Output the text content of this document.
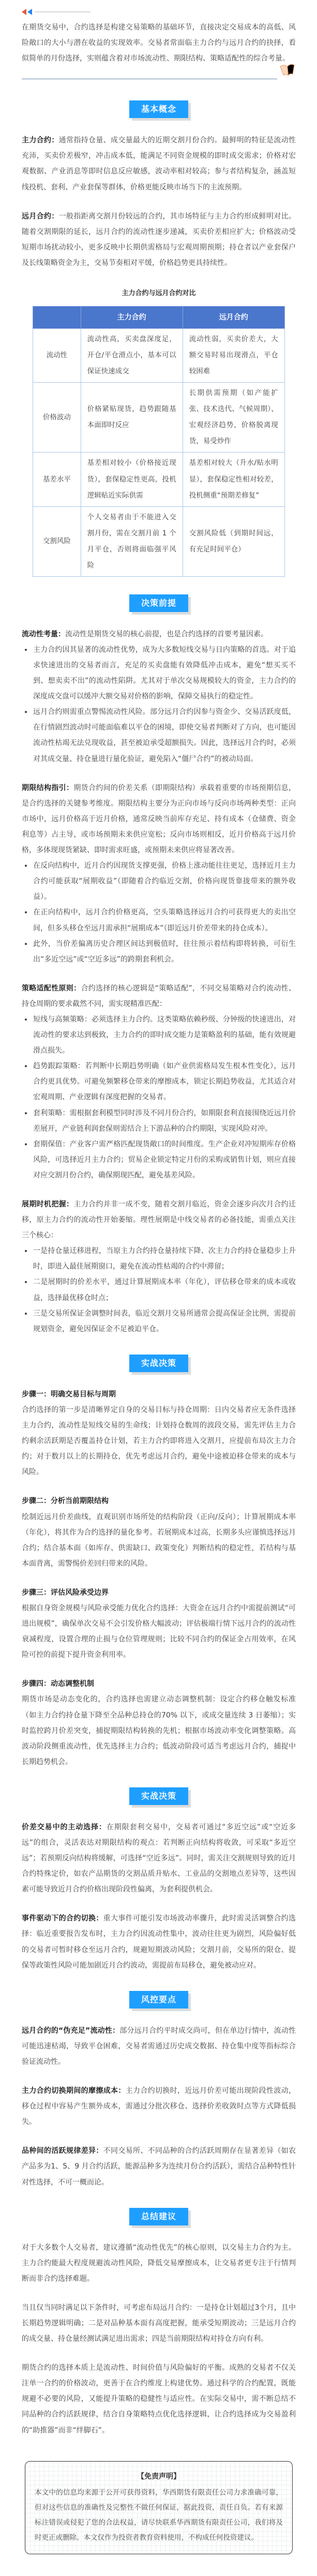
在期货交易中，合约选择是构建交易策略的基础环节，直接决定交易成本的高低、风险敞口的大小与潜在收益的实现效率。交易者常面临主力合约与远月合约的抉择，看似简单的月份选择，实则蕴含着对市场流动性、期限结构、策略适配性的综合考量。

基本概念

主力合约：通常指持仓量、成交量最大的近期交割月份合约。最鲜明的特征是流动性充沛，买卖价差极窄，冲击成本低，能满足不同资金规模的即时成交需求；价格对宏观数据、产业消息等即时信息反应敏感，波动率相对较高；参与者结构复杂，涵盖短线投机、套利、产业套保等群体，价格更能反映市场当下的主流预期。

远月合约：一般指距离交割月份较远的合约，其市场特征与主力合约形成鲜明对比。随着交割期限的延长，远月合约的流动性逐步递减，买卖价差相应扩大；价格波动受短期市场扰动较小，更多反映中长期供需格局与宏观周期预期；持仓者以产业套保户及长线策略资金为主，交易节奏相对平缓，价格趋势更具持续性。

主力合约与远月合约对比
	主力合约	远月合约
流动性	流动性高，买卖盘深度足，开仓/平仓滑点小，基本可以保证快速成交	流动性弱，买卖价差大，大额交易时易出现滑点，平仓较困难
价格波动	价格紧贴现货，趋势跟随基本面即时反应	长期供需预期（如产能扩张、技术迭代、气候周期）、宏观经济趋势，价格脱离现货，易受炒作
基差水平	基差相对较小（价格接近现货），套保稳定性更高，投机逻辑贴近实际供需	基差相对较大（升水/贴水明显），套保稳定性相对较差，投机侧重“预期差修复”
交割风险	个人交易者由于不能进入交割月份，需在交割月前 1 个月平仓，否则将面临强平风险	交割风险低（到期时间远，有充足时间平仓）
决策前提

流动性考量：流动性是期货交易的核心前提，也是合约选择的首要考量因素。

• 主力合约因其显著的流动性优势，成为大多数短线交易与日内策略的首选。对于追求快速进出的交易者而言，充足的买卖盘能有效降低冲击成本，避免“想买买不到、想卖卖不出”的流动性陷阱。尤其对于单次交易规模较大的资金，主力合约的深度成交盘可以缓冲大额交易对价格的影响，保障交易执行的稳定性。
• 远月合约则需重点警惕流动性风险。部分远月合约因参与资金少、交易活跃度低，在行情剧烈波动时可能面临难以平仓的困境，即使交易者判断对了方向，也可能因流动性枯竭无法兑现收益，甚至被迫承受超额损失。因此，选择远月合约时，必须对其成交量、持仓量进行量化验证，避免陷入“僵尸合约”的被动局面。

期限结构指引：期货合约间的价差关系（即期限结构）承载着重要的市场预期信息，是合约选择的关键参考维度。期限结构主要分为正向市场与反向市场两种类型：正向市场中，远月价格高于近月价格，通常反映当前库存充足、持有成本（仓储费、资金利息等）占主导，或市场预期未来供应宽松；反向市场则相反，近月价格高于远月价格，多体现现货紧缺、即时需求旺盛，或预期未来供应将显著改善。

• 在反向结构中，近月合约因现货支撑更强，价格上涨动能往往更足，选择近月主力合约可能获取“展期收益”（即随着合约临近交割，价格向现货靠拢带来的额外收益）。
• 在正向结构中，远月合约价格更高，空头策略选择远月合约可获得更大的卖出空间，但多头移仓至远月需承担“展期成本”（即近远月价差带来的持仓成本）。
• 此外，当价差偏离历史合理区间达到极值时，往往预示着结构即将转换，可衍生出“多近空远”或“空近多远”的跨期套利机会。

策略适配性原则：合约选择的核心逻辑是“策略适配”，不同交易策略对合约流动性、持仓周期的要求截然不同，需实现精准匹配：

• 短线与高频策略：必须选择主力合约。这类策略依赖秒级、分钟级的快速进出，对流动性的要求达到极致，主力合约的即时成交能力是策略盈利的基础，能有效规避滑点损失。
• 趋势跟踪策略：若判断中长期趋势明确（如产业供需格局发生根本性变化），远月合约更具优势。可避免频繁移仓带来的摩擦成本，锁定长期趋势收益，尤其适合对宏观周期、产业逻辑有深度把握的交易者。
• 套利策略：需根据套利模型同时涉及不同月份合约，如期限套利直接围绕近远月价差展开，产业链利润套保则需结合上下游品种的合约期限，实现风险对冲。
• 套期保值：产业客户需严格匹配现货敞口的时间维度。生产企业对冲短期库存价格风险，可选择近月主力合约；贸易企业锁定特定月份的采购或销售计划，则应直接对应交割月份合约，确保期现匹配，避免基差风险。

展期时机把握：主力合约并非一成不变，随着交割月临近，资金会逐步向次月合约迁移，原主力合约的流动性开始萎缩。理性展期是中线交易者的必备技能，需重点关注三个核心：

• 一是持仓量迁移进程，当原主力合约持仓量持续下降、次主力合约持仓量稳步上升时，即进入最佳展期窗口，避免在流动性枯竭的合约中滞留；
• 二是展期时的价差水平，通过计算展期成本率（年化），评估移仓带来的成本或收益，选择最优移仓时点；
• 三是交易所保证金调整时间表，临近交割月交易所通常会提高保证金比例，需提前规划资金，避免因保证金不足被迫平仓。
实战决策

步骤一：明确交易目标与周期

合约选择的第一步是清晰界定自身的交易目标与持仓周期：日内交易者应无条件选择主力合约，流动性是短线交易的生命线；计划持仓数周的波段交易，需先评估主力合约剩余活跃期是否覆盖持仓计划，若主力合约即将进入交割月，应提前布局次主力合约；对于数月以上的长期持仓，优先考虑远月合约，避免中途被迫移仓带来的成本与风险。

步骤二：分析当前期限结构

绘制近远月价差曲线，直观识别市场所处的结构阶段（正向/反向）；计算展期成本率（年化），将其作为合约选择的量化参考。若展期成本过高，长期多头应谨慎选择远月合约；结合基本面（如库存、供需缺口、政策变化）判断结构的稳定性，若结构与基本面背离，需警惕价差回归带来的风险。

步骤三：评估风险承受边界

根据自身资金规模与风险承受能力优化合约选择：大资金在远月合约中需提前测试“可进出规模”，确保单次交易不会引发价格大幅波动；评估极端行情下远月合约的流动性衰减程度，设置合理的止损与仓位管理规则；比较不同合约的保证金占用效率，在风险可控的前提下提升资金利用率。

步骤四：动态调整机制

期货市场是动态变化的，合约选择也需建立动态调整机制：设定合约移仓触发标准（如主力合约持仓量下降至全品种总持仓的70% 以下，或成交量连续 3 日萎缩）；实时监控跨月价差突变，捕捉期限结构转换的先机；根据市场波动率变化调整策略。高波动阶段侧重流动性，优先选择主力合约；低波动阶段可适当考虑远月合约，捕捉中长期趋势机会。

实战决策

价差交易中的主动选择：在期限套利交易中，交易者可通过“多近空远”或“空近多远”的组合，灵活表达对期限结构的观点：若判断正向结构将收敛，可采取“多近空远”；若预期反向结构将缓解，可选择“空近多远”。同时，需关注交割规则导致的近月合约特殊定价，如农产品期货的交割品质升贴水、工业品的交割地点差异等，这些因素可能导致近月合约价格出现阶段性偏离，为套利提供机会。

事件驱动下的合约切换：重大事件可能引发市场波动率骤升，此时需灵活调整合约选择：临近重要报告发布时，主力合约因流动性集中，波动往往更为剧烈，风险偏好低的交易者可暂时移仓至远月合约，规避短期波动风险；交割月前，交易所的限仓、提保等政策性风险可能加剧近月合约波动，需提前布局移仓，避免被动应对。

风控要点

远月合约的“伪充足”流动性：部分远月合约平时成交尚可，但在单边行情中，流动性可能迅速枯竭，导致平仓困难，交易者需通过历史成交数据、持仓集中度等指标综合验证流动性。

主力合约切换期间的摩擦成本：主力合约切换时，近远月价差可能出现阶段性波动，移仓过程中容易产生额外成本，需通过分批次移仓、选择价差收敛时点等方式降低损失。

品种间的活跃规律差异：不同交易所、不同品种的合约活跃周期存在显著差异（如农产品多为1、5、9 月合约活跃，能源品种多为连续月份合约活跃），需结合品种特性针对性选择，不可一概而论。

总结建议

对于大多数个人交易者，建议遵循“流动性优先”的核心原则，以交易主力合约为主。主力合约能最大程度规避流动性风险，降低交易摩擦成本，让交易者更专注于行情判断而非合约选择难题。

当且仅当同时满足以下条件时，可考虑布局远月合约：一是持仓计划超过3个月，且中长期趋势逻辑明确；二是对品种基本面有高度把握，能承受短期波动；三是远月合约的成交量、持仓量经测试满足进出需求；四是当前期限结构对持仓方向有利。

期货合约的选择本质上是流动性、时间价值与风险偏好的平衡。成熟的交易者不仅关注单一合约的价格波动，更善于在合约维度上构建优势。通过科学的合约配置，既能规避不必要的风险，又能提升策略的稳健性与适应性。在实际交易中，需不断总结不同品种的合约活跃规律，结合自身策略特点优化选择逻辑，让合约选择成为交易盈利的“助推器”而非“绊脚石”。

【免责声明】
本文中的信息均来源于公开可获得资料，华西期货有限责任公司力求准确可靠，但对这些信息的准确性及完整性不做任何保证，据此投资，责任自负。若有来源标注错误或侵犯了您的合法权益，请尽快联系华西期货有限责任公司，我们将及时更正或删除。本文仅作为投资者教育资料使用，不构成任何投资建议。
